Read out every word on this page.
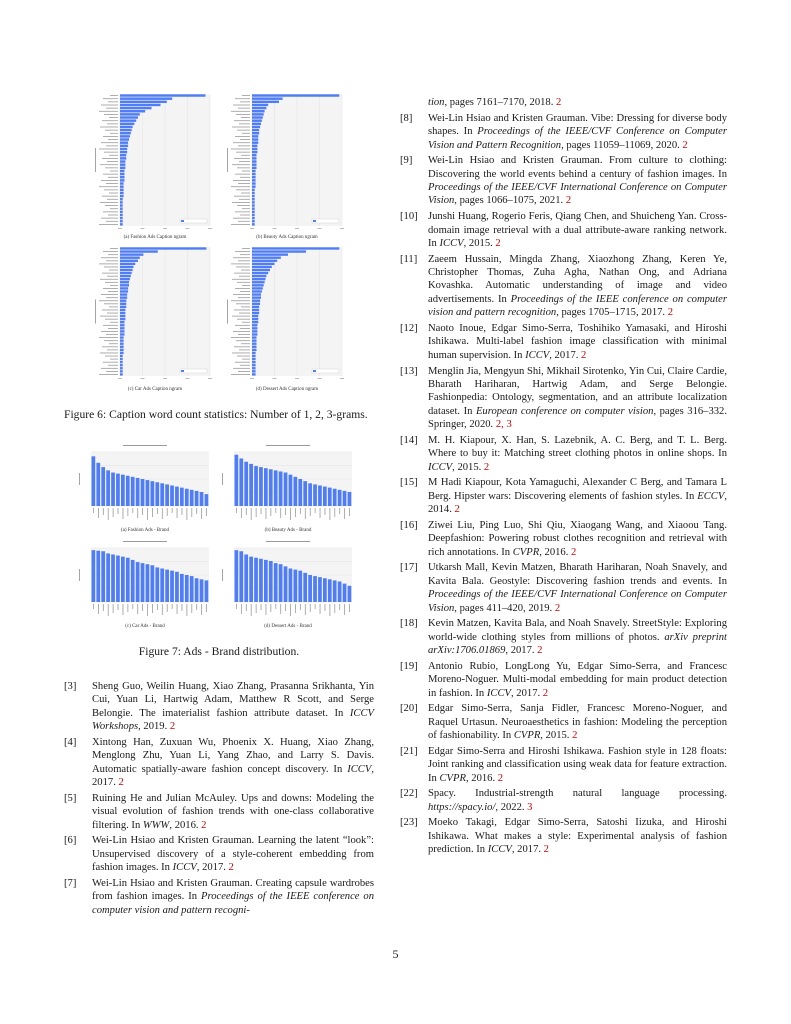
(a) Fashion Ads Caption ngram	(b) Beauty Ads Caption ngram
(c) Car Ads Caption ngram	(d) Dessert Ads Caption ngram
Figure 6: Caption word count statistics: Number of 1, 2, 3-grams.
(a) Fashion Ads - Brand	(b) Beauty Ads - Brand
(c) Car Ads - Brand	(d) Dessert Ads - Brand
Figure 7: Ads - Brand distribution.
[3] Sheng Guo, Weilin Huang, Xiao Zhang, Prasanna Srikhanta, Yin Cui, Yuan Li, Hartwig Adam, Matthew R Scott, and Serge Belongie. The imaterialist fashion attribute dataset. In ICCV Workshops, 2019. 2
[4] Xintong Han, Zuxuan Wu, Phoenix X. Huang, Xiao Zhang, Menglong Zhu, Yuan Li, Yang Zhao, and Larry S. Davis. Automatic spatially-aware fashion concept discovery. In ICCV, 2017. 2
[5] Ruining He and Julian McAuley. Ups and downs: Modeling the visual evolution of fashion trends with one-class collaborative filtering. In WWW, 2016. 2
[6] Wei-Lin Hsiao and Kristen Grauman. Learning the latent “look”: Unsupervised discovery of a style-coherent embedding from fashion images. In ICCV, 2017. 2
[7] Wei-Lin Hsiao and Kristen Grauman. Creating capsule wardrobes from fashion images. In Proceedings of the IEEE conference on computer vision and pattern recogni-
tion, pages 7161–7170, 2018. 2
[8] Wei-Lin Hsiao and Kristen Grauman. Vibe: Dressing for diverse body shapes. In Proceedings of the IEEE/CVF Conference on Computer Vision and Pattern Recognition, pages 11059–11069, 2020. 2
[9] Wei-Lin Hsiao and Kristen Grauman. From culture to clothing: Discovering the world events behind a century of fashion images. In Proceedings of the IEEE/CVF International Conference on Computer Vision, pages 1066–1075, 2021. 2
[10] Junshi Huang, Rogerio Feris, Qiang Chen, and Shuicheng Yan. Cross-domain image retrieval with a dual attribute-aware ranking network. In ICCV, 2015. 2
[11] Zaeem Hussain, Mingda Zhang, Xiaozhong Zhang, Keren Ye, Christopher Thomas, Zuha Agha, Nathan Ong, and Adriana Kovashka. Automatic understanding of image and video advertisements. In Proceedings of the IEEE conference on computer vision and pattern recognition, pages 1705–1715, 2017. 2
[12] Naoto Inoue, Edgar Simo-Serra, Toshihiko Yamasaki, and Hiroshi Ishikawa. Multi-label fashion image classification with minimal human supervision. In ICCV, 2017. 2
[13] Menglin Jia, Mengyun Shi, Mikhail Sirotenko, Yin Cui, Claire Cardie, Bharath Hariharan, Hartwig Adam, and Serge Belongie. Fashionpedia: Ontology, segmentation, and an attribute localization dataset. In European conference on computer vision, pages 316–332. Springer, 2020. 2, 3
[14] M. H. Kiapour, X. Han, S. Lazebnik, A. C. Berg, and T. L. Berg. Where to buy it: Matching street clothing photos in online shops. In ICCV, 2015. 2
[15] M Hadi Kiapour, Kota Yamaguchi, Alexander C Berg, and Tamara L Berg. Hipster wars: Discovering elements of fashion styles. In ECCV, 2014. 2
[16] Ziwei Liu, Ping Luo, Shi Qiu, Xiaogang Wang, and Xiaoou Tang. Deepfashion: Powering robust clothes recognition and retrieval with rich annotations. In CVPR, 2016. 2
[17] Utkarsh Mall, Kevin Matzen, Bharath Hariharan, Noah Snavely, and Kavita Bala. Geostyle: Discovering fashion trends and events. In Proceedings of the IEEE/CVF International Conference on Computer Vision, pages 411–420, 2019. 2
[18] Kevin Matzen, Kavita Bala, and Noah Snavely. StreetStyle: Exploring world-wide clothing styles from millions of photos. arXiv preprint arXiv:1706.01869, 2017. 2
[19] Antonio Rubio, LongLong Yu, Edgar Simo-Serra, and Francesc Moreno-Noguer. Multi-modal embedding for main product detection in fashion. In ICCV, 2017. 2
[20] Edgar Simo-Serra, Sanja Fidler, Francesc Moreno-Noguer, and Raquel Urtasun. Neuroaesthetics in fashion: Modeling the perception of fashionability. In CVPR, 2015. 2
[21] Edgar Simo-Serra and Hiroshi Ishikawa. Fashion style in 128 floats: Joint ranking and classification using weak data for feature extraction. In CVPR, 2016. 2
[22] Spacy. Industrial-strength natural language processing. https://spacy.io/, 2022. 3
[23] Moeko Takagi, Edgar Simo-Serra, Satoshi Iizuka, and Hiroshi Ishikawa. What makes a style: Experimental analysis of fashion prediction. In ICCV, 2017. 2
5
